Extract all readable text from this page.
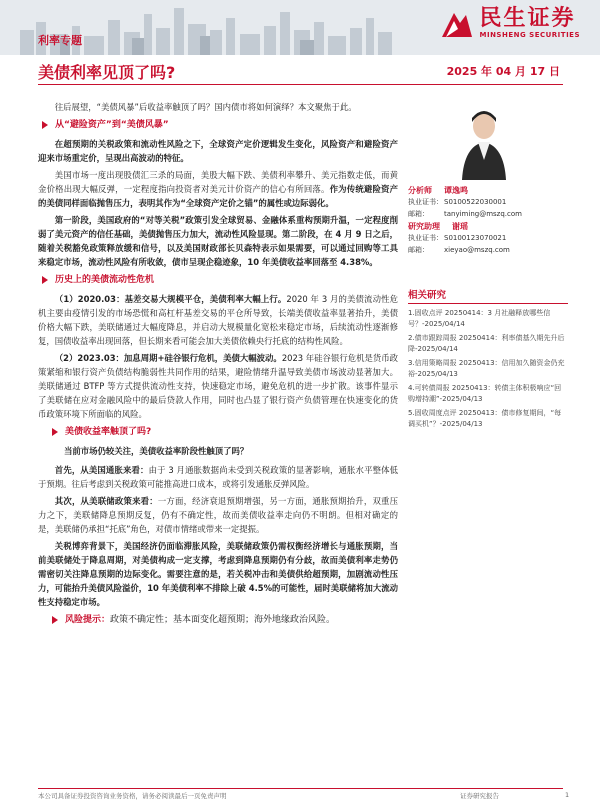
民生证券
MINSHENG SECURITIES
利率专题
美债利率见顶了吗?	2025 年 04 月 17 日

往后展望，“美债风暴”后收益率触顶了吗？国内债市将如何演绎？本文聚焦于此。

从“避险资产”到“美债风暴”

在超预期的关税政策和流动性风险之下，全球资产定价逻辑发生变化，风险资产和避险资产迎来市场重定价，呈现出高波动的特征。

美国市场一度出现股债汇三杀的局面，美股大幅下跌、美债利率攀升、美元指数走低，而黄金价格出现大幅反弹，一定程度指向投资者对美元计价资产的信心有所回落。作为传统避险资产的美债同样面临抛售压力，表明其作为“全球资产定价之锚”的属性或边际弱化。

第一阶段，美国政府的“对等关税”政策引发全球贸易、金融体系重构预期升温，一定程度削弱了美元资产的信任基础，美债抛售压力加大，流动性风险显现。第二阶段，在 4 月 9 日之后，随着关税豁免政策释放缓和信号，以及美国财政部长贝森特表示如果需要，可以通过回购等工具来稳定市场，流动性风险有所收敛，债市呈现企稳迹象，10 年美债收益率回落至 4.38%。

历史上的美债流动性危机

（1）2020.03：基差交易大规模平仓，美债利率大幅上行。2020 年 3 月的美债流动性危机主要由疫情引发的市场恐慌和高杠杆基差交易的平仓所导致，长端美债收益率显著抬升，美债价格大幅下跌，美联储通过大幅度降息，并启动大规模量化宽松来稳定市场，后续流动性逐渐修复，国债收益率出现回落，但长期来看可能会加大美债依赖央行托底的结构性风险。

（2）2023.03：加息周期+硅谷银行危机，美债大幅波动。2023 年硅谷银行危机是货币政策紧缩和银行资产负债结构脆弱性共同作用的结果，避险情绪升温导致美债市场波动显著加大。美联储通过 BTFP 等方式提供流动性支持，快速稳定市场，避免危机的进一步扩散。该事件显示了美联储在应对金融风险中的最后贷款人作用，同时也凸显了银行资产负债管理在快速变化的货币政策环境下所面临的风险。

美债收益率触顶了吗?
当前市场仍较关注，美债收益率阶段性触顶了吗？

首先，从美国通胀来看：由于 3 月通胀数据尚未受到关税政策的显著影响，通胀水平整体低于预期。往后考虑到关税政策可能推高进口成本，或将引发通胀反弹风险。

其次，从美联储政策来看：一方面，经济衰退预期增强，另一方面，通胀预期抬升，双重压力之下，美联储降息预期反复，仍有不确定性，故而美债收益率走向仍不明朗。但相对确定的是，美联储仍承担“托底”角色，对债市情绪或带来一定提振。

关税博弈背景下，美国经济仍面临滞胀风险，美联储政策仍需权衡经济增长与通胀预期，当前美联储处于降息周期，对美债构成一定支撑，考虑到降息预期仍有分歧，故而美债利率走势仍需密切关注降息预期的边际变化。需要注意的是，若关税冲击和美债供给超预期，加剧流动性压力，可能抬升美债风险溢价，10 年美债利率不排除上破 4.5%的可能性，届时美联储将加大流动性支持稳定市场。

风险提示： 政策不确定性；基本面变化超预期；海外地缘政治风险。
分析师	谭逸鸣
执业证书： S0100522030001
邮箱：	tanyiming@mszq.com
研究助理	谢瑶
执业证书： S0100123070021
邮箱：	xieyao@mszq.com
相关研究
1.固收点评 20250414：3 月社融释放哪些信号？-2025/04/14
2.债市跟踪周报 20250414：利率债基久期先升后降-2025/04/14
3.信用策略周报 20250413：信用加久随资金仍充裕-2025/04/13
4.可转债周报 20250413：转债主体积极响应“回购增持潮”-2025/04/13
5.固收周度点评 20250413：债市修复期间，“每调买机”？-2025/04/13
本公司具备证券投资咨询业务资格，请务必阅读最后一页免责声明	证券研究报告	1
